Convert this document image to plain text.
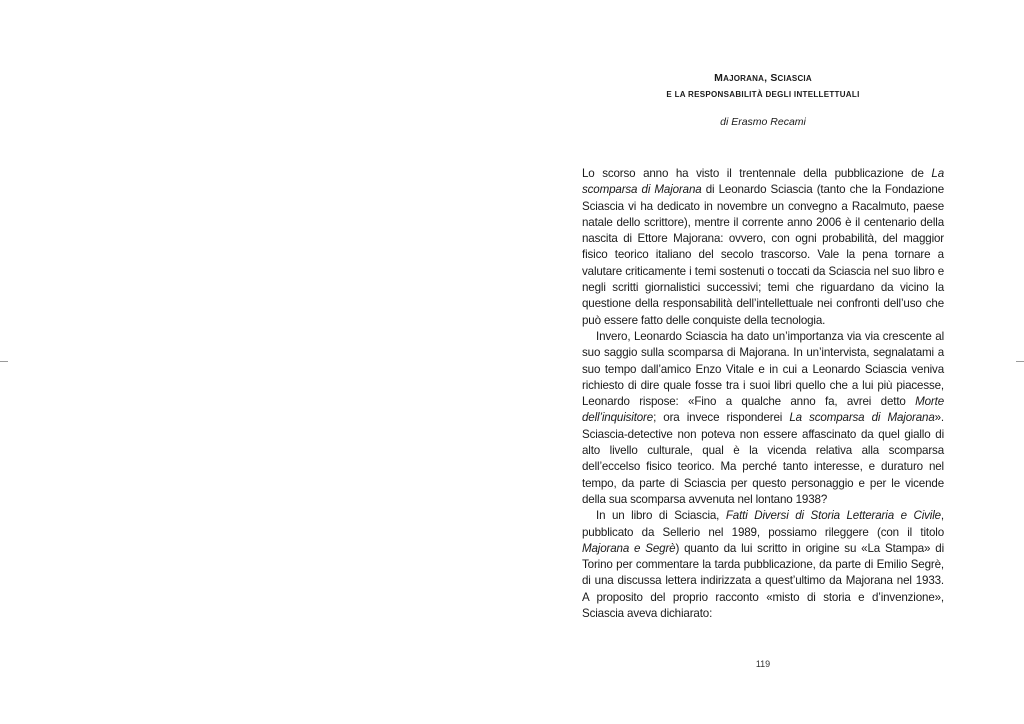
MAJORANA, SCIASCIA
E LA RESPONSABILITÀ DEGLI INTELLETTUALI
di Erasmo Recami

Lo scorso anno ha visto il trentennale della pubblicazione de La scomparsa di Majorana di Leonardo Sciascia (tanto che la Fondazione Sciascia vi ha dedicato in novembre un convegno a Racalmuto, paese natale dello scrittore), mentre il corrente anno 2006 è il centenario della nascita di Ettore Majorana: ovvero, con ogni probabilità, del maggior fisico teorico italiano del secolo trascorso. Vale la pena tornare a valutare criticamente i temi sostenuti o toccati da Sciascia nel suo libro e negli scritti giornalistici successivi; temi che riguardano da vicino la questione della responsabilità dell’intellettuale nei confronti dell’uso che può essere fatto delle conquiste della tecnologia.

Invero, Leonardo Sciascia ha dato un’importanza via via crescente al suo saggio sulla scomparsa di Majorana. In un’intervista, segnalatami a suo tempo dall’amico Enzo Vitale e in cui a Leonardo Sciascia veniva richiesto di dire quale fosse tra i suoi libri quello che a lui più piacesse, Leonardo rispose: «Fino a qualche anno fa, avrei detto Morte dell’inquisitore; ora invece risponderei La scomparsa di Majorana». Sciascia-detective non poteva non essere affascinato da quel giallo di alto livello culturale, qual è la vicenda relativa alla scomparsa dell’eccelso fisico teorico. Ma perché tanto interesse, e duraturo nel tempo, da parte di Sciascia per questo personaggio e per le vicende della sua scomparsa avvenuta nel lontano 1938?

In un libro di Sciascia, Fatti Diversi di Storia Letteraria e Civile, pubblicato da Sellerio nel 1989, possiamo rileggere (con il titolo Majorana e Segrè) quanto da lui scritto in origine su «La Stampa» di Torino per commentare la tarda pubblicazione, da parte di Emilio Segrè, di una discussa lettera indirizzata a quest’ultimo da Majorana nel 1933. A proposito del proprio racconto «misto di storia e d’invenzione», Sciascia aveva dichiarato:

119
